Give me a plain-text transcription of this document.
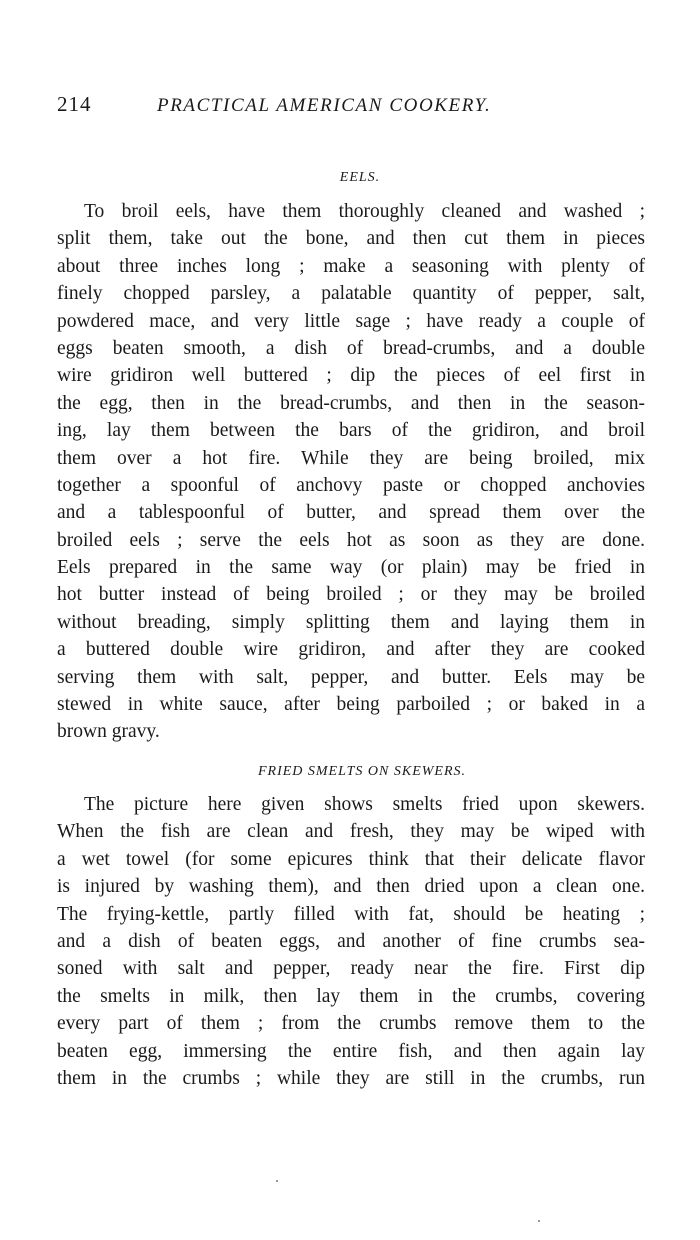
214	PRACTICAL AMERICAN COOKERY.
EELS.
To broil eels, have them thoroughly cleaned and washed ;
split them, take out the bone, and then cut them in pieces
about three inches long ; make a seasoning with plenty of
finely chopped parsley, a palatable quantity of pepper, salt,
powdered mace, and very little sage ; have ready a couple of
eggs beaten smooth, a dish of bread-crumbs, and a double
wire gridiron well buttered ; dip the pieces of eel first in
the egg, then in the bread-crumbs, and then in the season-
ing, lay them between the bars of the gridiron, and broil
them over a hot fire. While they are being broiled, mix
together a spoonful of anchovy paste or chopped anchovies
and a tablespoonful of butter, and spread them over the
broiled eels ; serve the eels hot as soon as they are done.
Eels prepared in the same way (or plain) may be fried in
hot butter instead of being broiled ; or they may be broiled
without breading, simply splitting them and laying them in
a buttered double wire gridiron, and after they are cooked
serving them with salt, pepper, and butter. Eels may be
stewed in white sauce, after being parboiled ; or baked in a
brown gravy.
FRIED SMELTS ON SKEWERS.
The picture here given shows smelts fried upon skewers.
When the fish are clean and fresh, they may be wiped with
a wet towel (for some epicures think that their delicate flavor
is injured by washing them), and then dried upon a clean one.
The frying-kettle, partly filled with fat, should be heating ;
and a dish of beaten eggs, and another of fine crumbs sea-
soned with salt and pepper, ready near the fire. First dip
the smelts in milk, then lay them in the crumbs, covering
every part of them ; from the crumbs remove them to the
beaten egg, immersing the entire fish, and then again lay
them in the crumbs ; while they are still in the crumbs, run
